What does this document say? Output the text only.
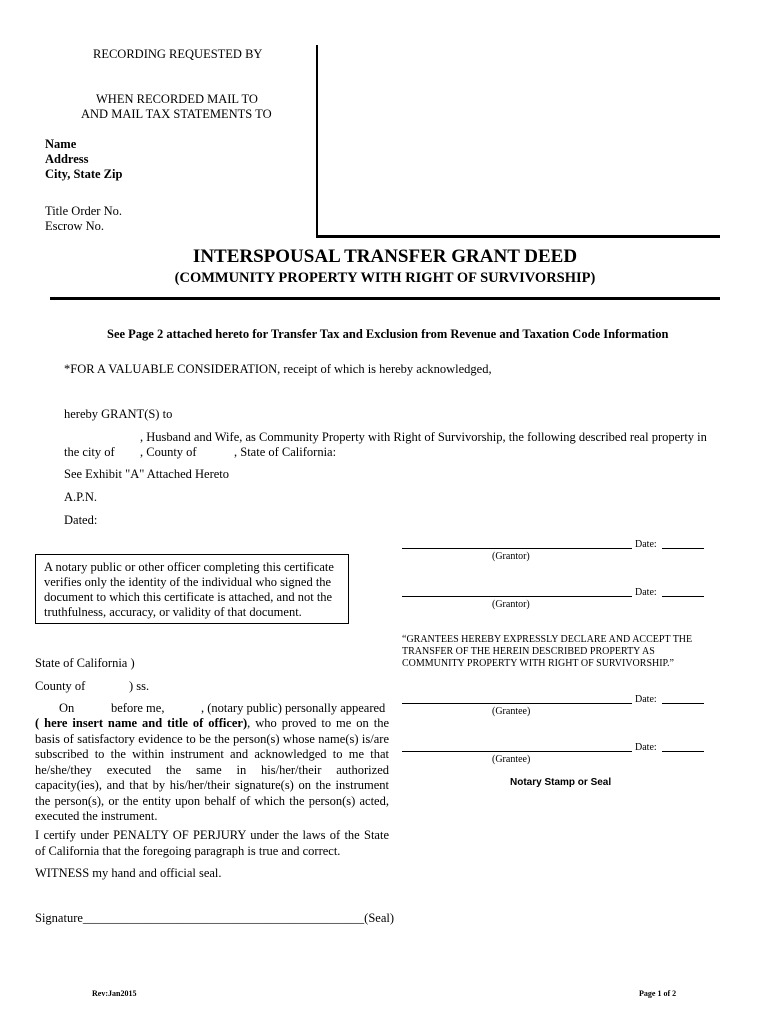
RECORDING REQUESTED BY
WHEN RECORDED MAIL TO
AND MAIL TAX STATEMENTS TO
Name
Address
City, State Zip
Title Order No.
Escrow No.
INTERSPOUSAL TRANSFER GRANT DEED
(COMMUNITY PROPERTY WITH RIGHT OF SURVIVORSHIP)
See Page 2 attached hereto for Transfer Tax and Exclusion from Revenue and Taxation Code Information
*FOR A VALUABLE CONSIDERATION, receipt of which is hereby acknowledged,
hereby GRANT(S) to
, Husband and Wife, as Community Property with Right of Survivorship, the following described real property in
the city of , County of	, State of California:
See Exhibit "A" Attached Hereto
A.P.N.
Dated:
Date:
(Grantor)
Date:
(Grantor)
“GRANTEES HEREBY EXPRESSLY DECLARE AND ACCEPT THE
TRANSFER OF THE HEREIN DESCRIBED PROPERTY AS
COMMUNITY PROPERTY WITH RIGHT OF SURVIVORSHIP.”
Date:
(Grantee)
Date:
(Grantee)
Notary Stamp or Seal
A notary public or other officer completing this certificate
verifies only the identity of the individual who signed the
document to which this certificate is attached, and not the
truthfulness, accuracy, or validity of that document.
State of California )
County of	) ss.
On	before me,	, (notary public) personally appeared
( here insert name and title of officer), who proved to me on the basis of satisfactory evidence to be the person(s) whose name(s) is/are subscribed to the within instrument and acknowledged to me that he/she/they executed the same in his/her/their authorized capacity(ies), and that by his/her/their signature(s) on the instrument the person(s), or the entity upon behalf of which the person(s) acted, executed the instrument.
I certify under PENALTY OF PERJURY under the laws of the State of California that the foregoing paragraph is true and correct.
WITNESS my hand and official seal.
Signature_____________________________________________(Seal)
Rev:Jan2015	Page 1 of 2
